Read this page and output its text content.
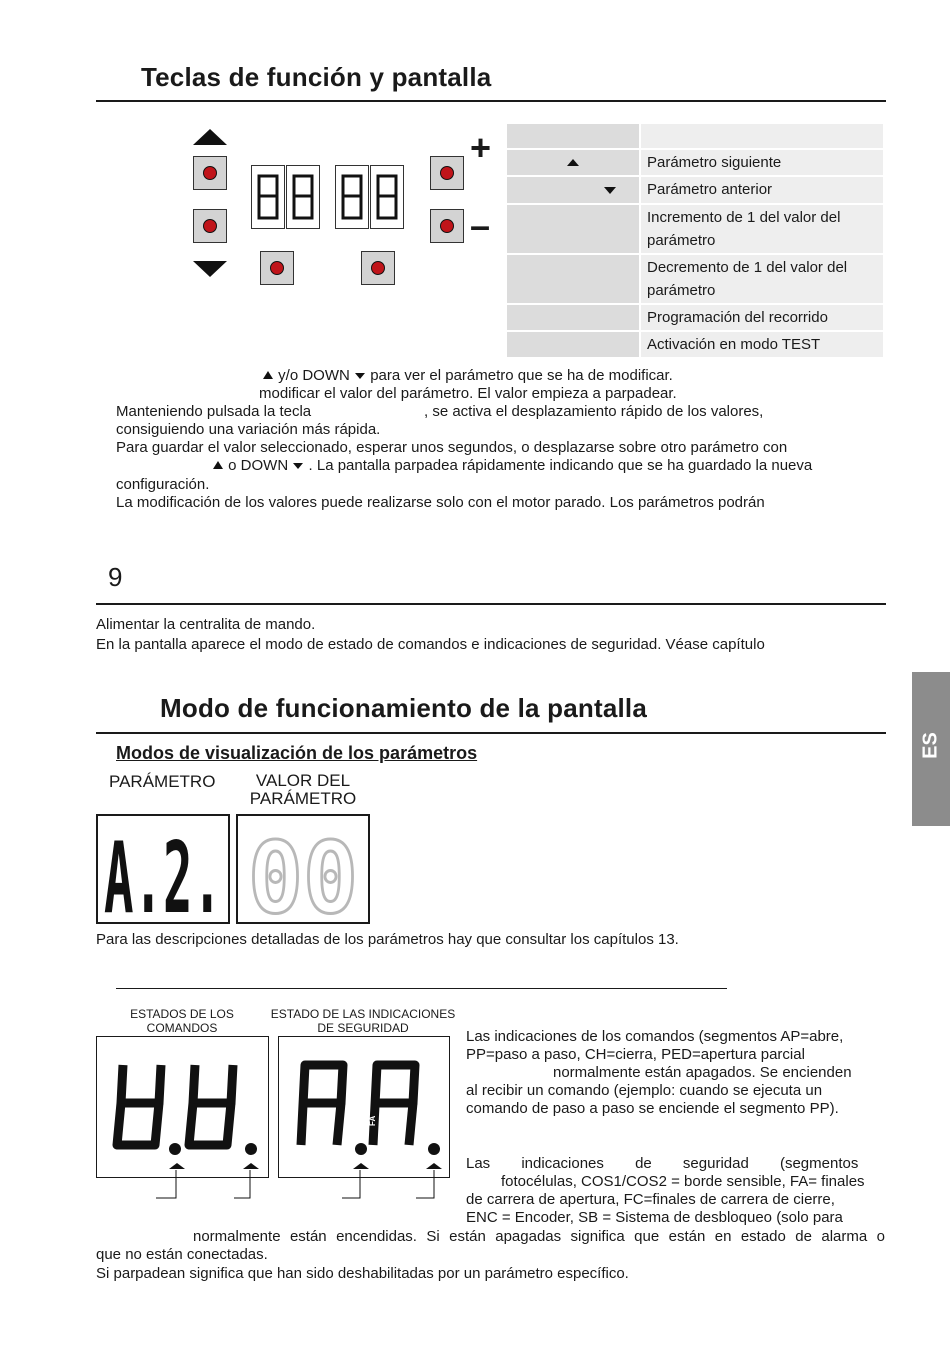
Teclas de función y pantalla
+
–

	Parámetro siguiente
	Parámetro anterior
	Incremento de 1 del valor del parámetro
	Decremento de 1 del valor del parámetro
	Programación del recorrido
	Activación en modo TEST
y/o DOWN para ver el parámetro que se ha de modificar.
modificar el valor del parámetro. El valor empieza a parpadear.
Manteniendo pulsada la tecla	, se activa el desplazamiento rápido de los valores,
consiguiendo una variación más rápida.
Para guardar el valor seleccionado, esperar unos segundos, o desplazarse sobre otro parámetro con
o DOWN . La pantalla parpadea rápidamente indicando que se ha guardado la nueva
configuración.
La modificación de los valores puede realizarse solo con el motor parado. Los parámetros podrán
9
Alimentar la centralita de mando.
En la pantalla aparece el modo de estado de comandos e indicaciones de seguridad. Véase capítulo
Modo de funcionamiento de la pantalla
Modos de visualización de los parámetros
PARÁMETRO	VALOR DEL
PARÁMETRO
A.2. 00
Para las descripciones detalladas de los parámetros hay que consultar los capítulos 13.
ESTADOS DE LOS
COMANDOS
ESTADO DE LAS INDICACIONES
DE SEGURIDAD
FA
FC
Las indicaciones de los comandos (segmentos AP=abre,
PP=paso a paso, CH=cierra, PED=apertura parcial
normalmente están apagados. Se encienden
al recibir un comando (ejemplo: cuando se ejecuta un
comando de paso a paso se enciende el segmento PP).
Las indicaciones de seguridad (segmentos
fotocélulas, COS1/COS2 = borde sensible, FA= finales
de carrera de apertura, FC=finales de carrera de cierre,
ENC = Encoder, SB = Sistema de desbloqueo (solo para
normalmente están encendidas. Si están apagadas significa que están en estado de alarma o
que no están conectadas.
Si parpadean significa que han sido deshabilitadas por un parámetro específico.
ES
